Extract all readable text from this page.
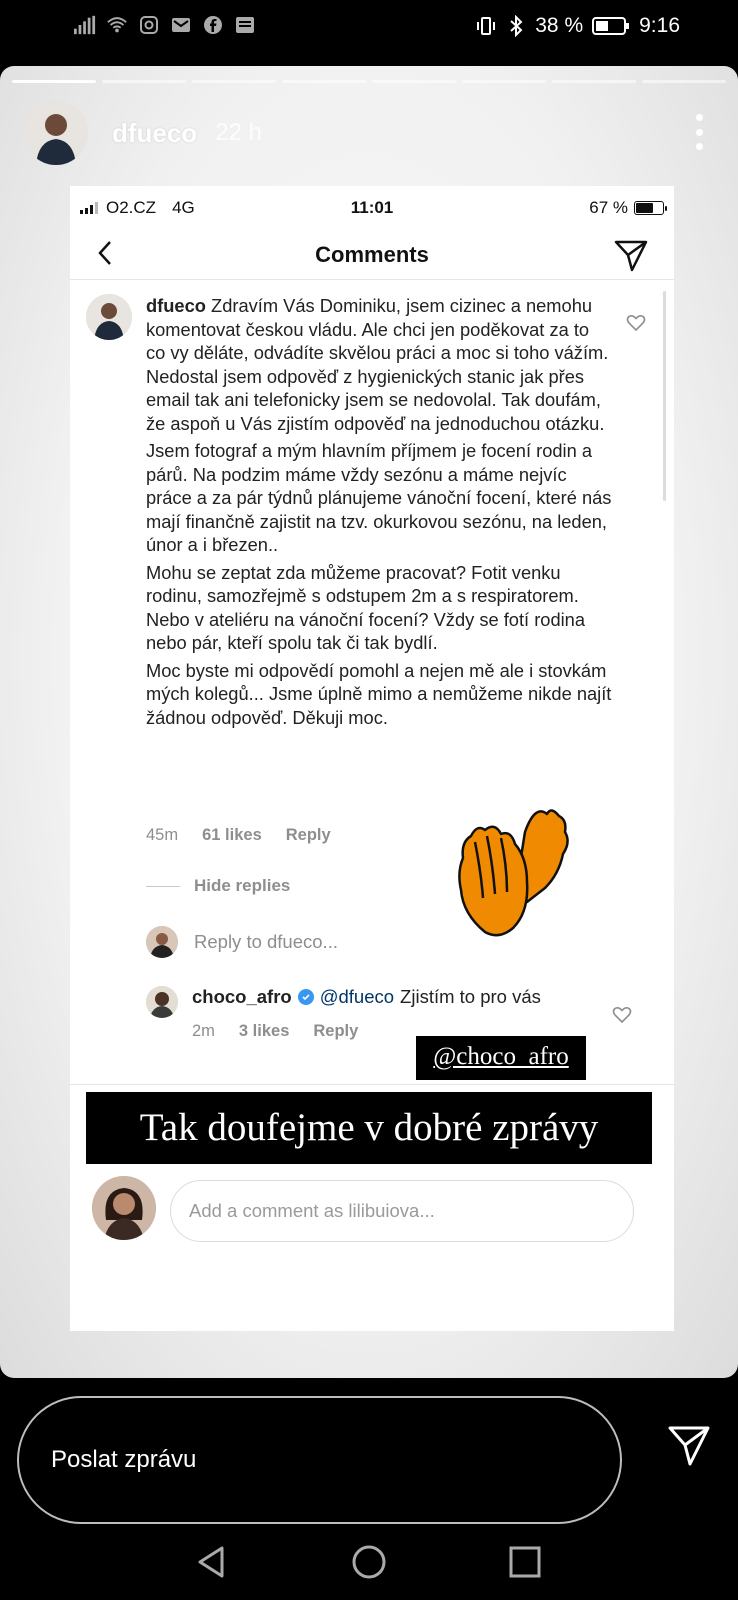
38 %	9:16
dfueco 22 h
O2.CZ 4G	11:01	67 %
Comments

dfueco Zdravím Vás Dominiku, jsem cizinec a nemohu komentovat českou vládu. Ale chci jen poděkovat za to co vy děláte, odvádíte skvělou práci a moc si toho vážím. Nedostal jsem odpověď z hygienických stanic jak přes email tak ani telefonicky jsem se nedovolal. Tak doufám, že aspoň u Vás zjistím odpověď na jednoduchou otázku.

Jsem fotograf a mým hlavním příjmem je focení rodin a párů. Na podzim máme vždy sezónu a máme nejvíc práce a za pár týdnů plánujeme vánoční focení, které nás mají finančně zajistit na tzv. okurkovou sezónu, na leden, únor a i březen..

Mohu se zeptat zda můžeme pracovat? Fotit venku rodinu, samozřejmě s odstupem 2m a s respiratorem. Nebo v ateliéru na vánoční focení? Vždy se fotí rodina nebo pár, kteří spolu tak či tak bydlí.

Moc byste mi odpovědí pomohl a nejen mě ale i stovkám mých kolegů... Jsme úplně mimo a nemůžeme nikde najít žádnou odpověď. Děkuji moc.

45m 61 likes Reply
Hide replies
Reply to dfueco...
choco_afro @dfueco Zjistím to pro vás
2m 3 likes Reply
@choco_afro
Tak doufejme v dobré zprávy
Add a comment as lilibuiova...
Poslat zprávu
